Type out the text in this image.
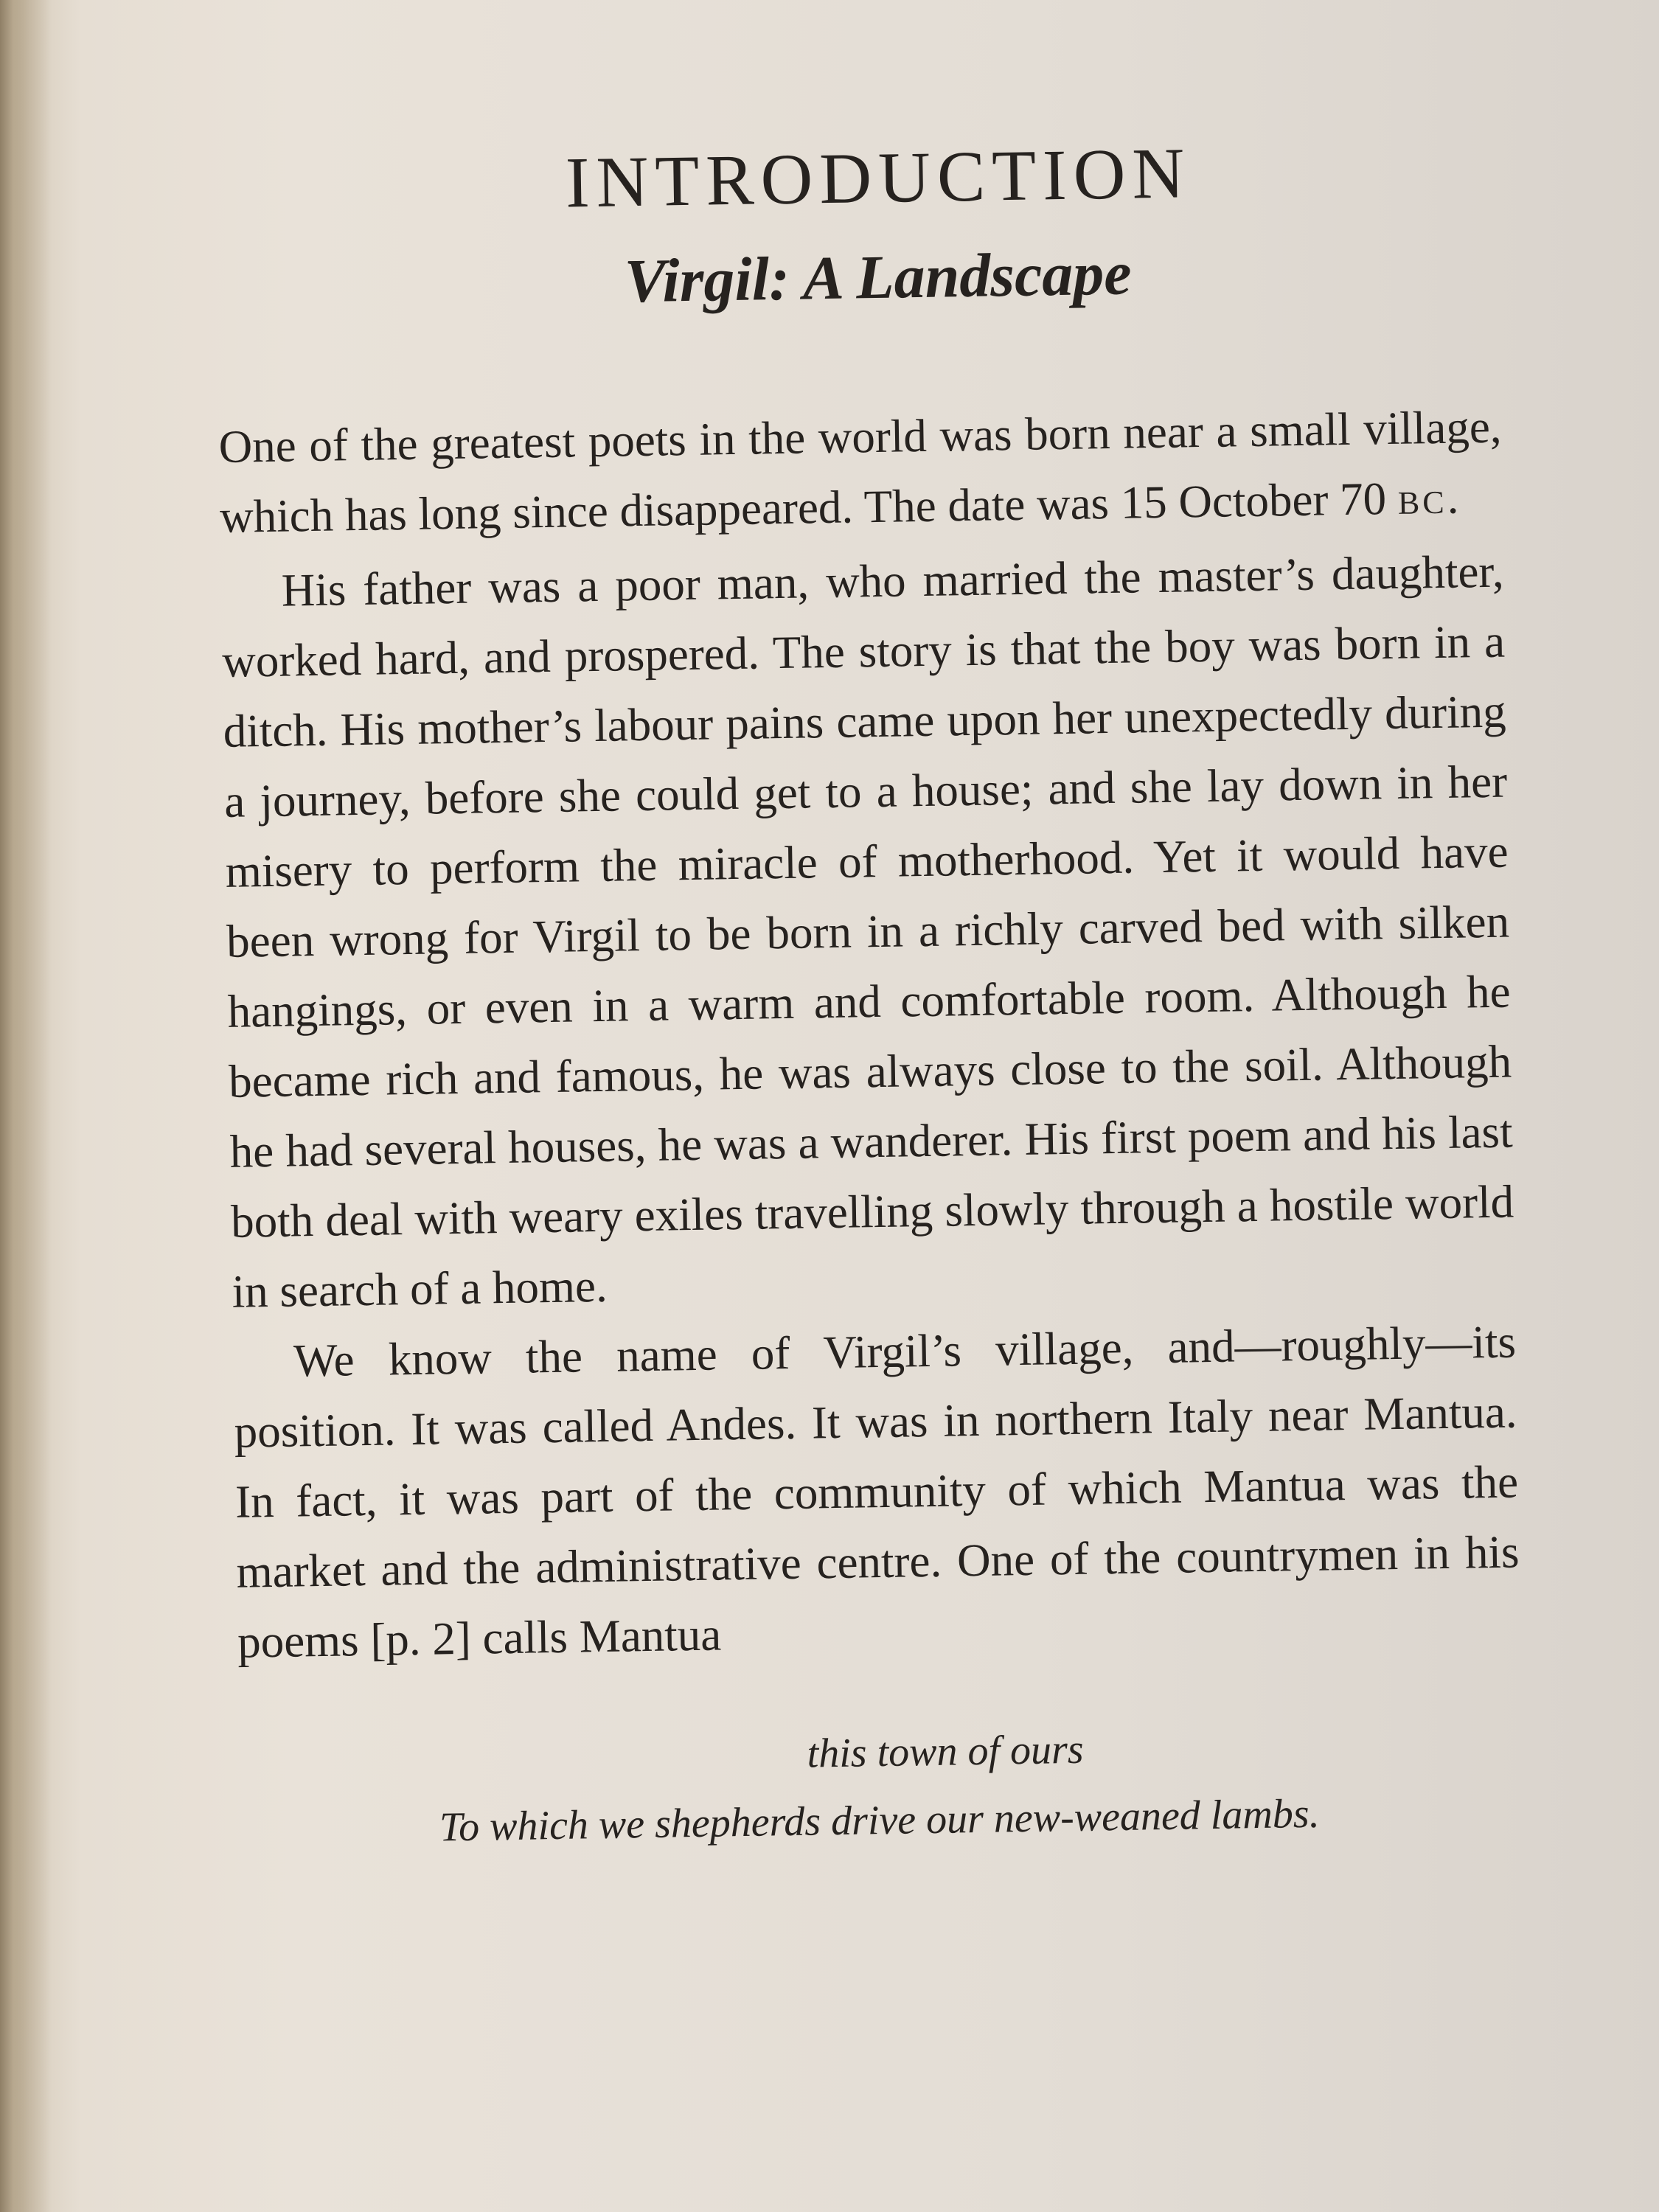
INTRODUCTION
Virgil: A Landscape

One of the greatest poets in the world was born near a small village, which has long since disappeared. The date was 15 October 70 BC.

His father was a poor man, who married the master’s daughter, worked hard, and prospered. The story is that the boy was born in a ditch. His mother’s labour pains came upon her unexpectedly during a journey, before she could get to a house; and she lay down in her misery to perform the miracle of motherhood. Yet it would have been wrong for Virgil to be born in a richly carved bed with silken hangings, or even in a warm and comfortable room. Although he became rich and famous, he was always close to the soil. Although he had several houses, he was a wanderer. His first poem and his last both deal with weary exiles travelling slowly through a hostile world in search of a home.

We know the name of Virgil’s village, and—roughly—its position. It was called Andes. It was in northern Italy near Mantua. In fact, it was part of the community of which Mantua was the market and the administrative centre. One of the countrymen in his poems [p. 2] calls Mantua

this town of ours
To which we shepherds drive our new-weaned lambs.
